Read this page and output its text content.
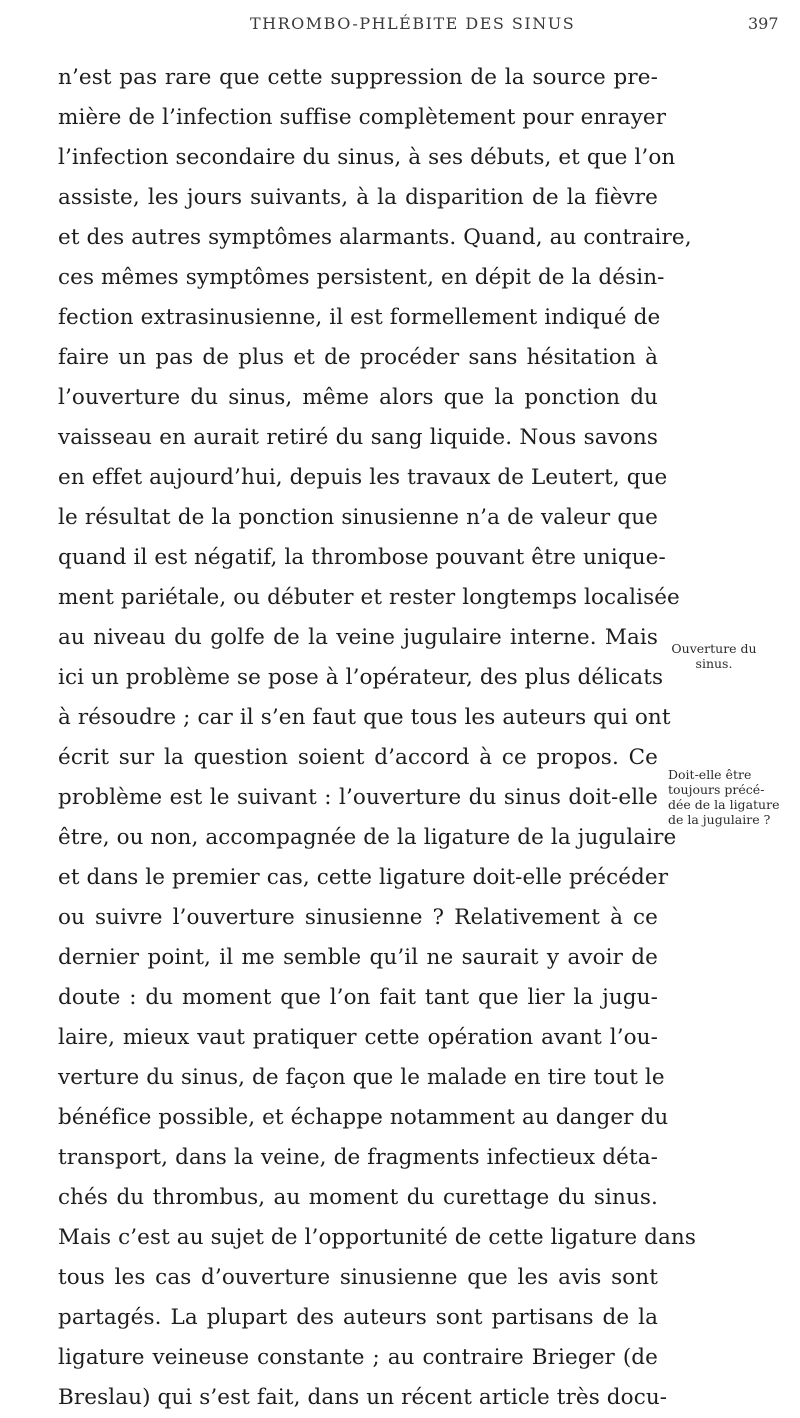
THROMBO-PHLÉBITE DES SINUS	397
n’est pas rare que cette suppression de la source pre-
mière de l’infection suffise complètement pour enrayer
l’infection secondaire du sinus, à ses débuts, et que l’on
assiste, les jours suivants, à la disparition de la fièvre
et des autres symptômes alarmants. Quand, au contraire,
ces mêmes symptômes persistent, en dépit de la désin-
fection extrasinusienne, il est formellement indiqué de
faire un pas de plus et de procéder sans hésitation à
l’ouverture du sinus, même alors que la ponction du
vaisseau en aurait retiré du sang liquide. Nous savons
en effet aujourd’hui, depuis les travaux de Leutert, que
le résultat de la ponction sinusienne n’a de valeur que
quand il est négatif, la thrombose pouvant être unique-
ment pariétale, ou débuter et rester longtemps localisée
au niveau du golfe de la veine jugulaire interne. Mais
ici un problème se pose à l’opérateur, des plus délicats
à résoudre ; car il s’en faut que tous les auteurs qui ont
écrit sur la question soient d’accord à ce propos. Ce
problème est le suivant : l’ouverture du sinus doit-elle
être, ou non, accompagnée de la ligature de la jugulaire
et dans le premier cas, cette ligature doit-elle précéder
ou suivre l’ouverture sinusienne ? Relativement à ce
dernier point, il me semble qu’il ne saurait y avoir de
doute : du moment que l’on fait tant que lier la jugu-
laire, mieux vaut pratiquer cette opération avant l’ou-
verture du sinus, de façon que le malade en tire tout le
bénéfice possible, et échappe notamment au danger du
transport, dans la veine, de fragments infectieux déta-
chés du thrombus, au moment du curettage du sinus.
Mais c’est au sujet de l’opportunité de cette ligature dans
tous les cas d’ouverture sinusienne que les avis sont
partagés. La plupart des auteurs sont partisans de la
ligature veineuse constante ; au contraire Brieger (de
Breslau) qui s’est fait, dans un récent article très docu-
Ouverture du
sinus.
Doit-elle être
toujours précé-
dée de la ligature
de la jugulaire ?
